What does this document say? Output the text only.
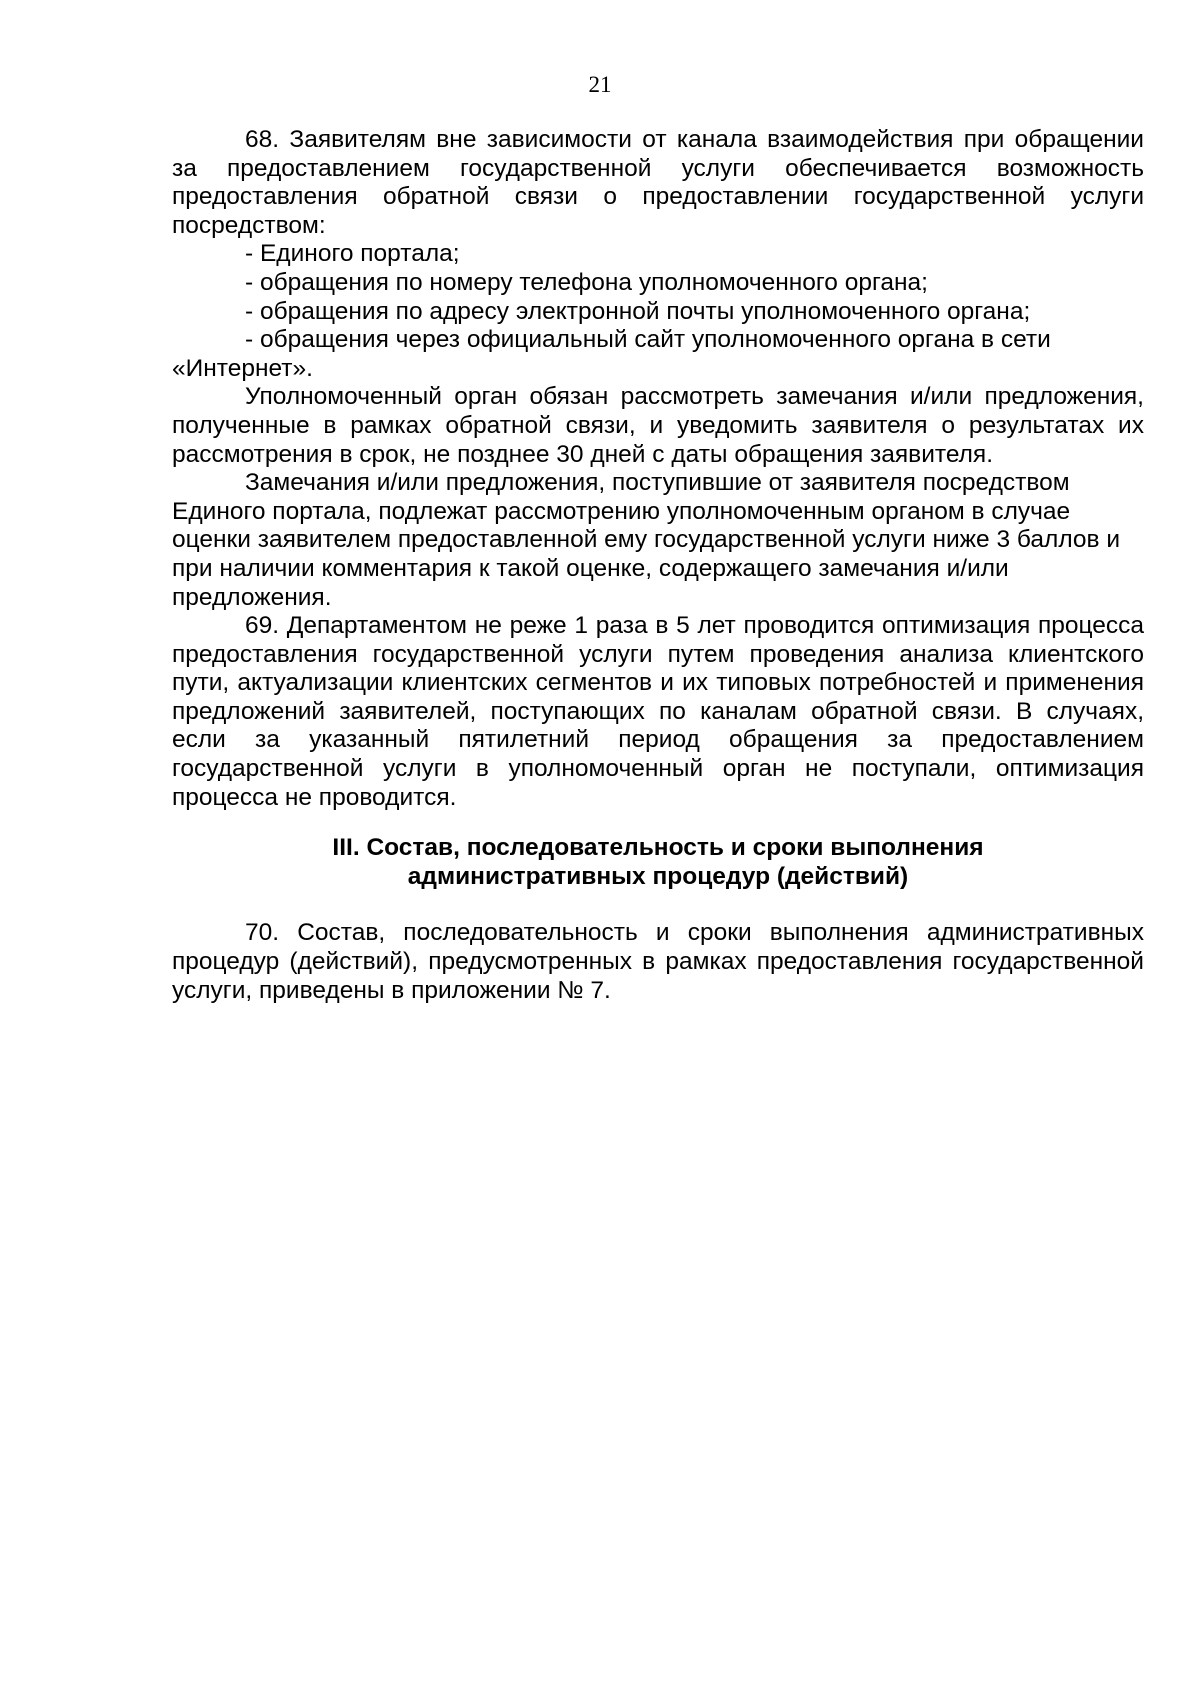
21

68. Заявителям вне зависимости от канала взаимодействия при обращении за предоставлением государственной услуги обеспечивается возможность предоставления обратной связи о предоставлении государственной услуги посредством:

- Единого портала;

- обращения по номеру телефона уполномоченного органа;

- обращения по адресу электронной почты уполномоченного органа;

- обращения через официальный сайт уполномоченного органа в сети «Интернет».

Уполномоченный орган обязан рассмотреть замечания и/или предложения, полученные в рамках обратной связи, и уведомить заявителя о результатах их рассмотрения в срок, не позднее 30 дней с даты обращения заявителя.

Замечания и/или предложения, поступившие от заявителя посредством Единого портала, подлежат рассмотрению уполномоченным органом в случае оценки заявителем предоставленной ему государственной услуги ниже 3 баллов и при наличии комментария к такой оценке, содержащего замечания и/или предложения.

69. Департаментом не реже 1 раза в 5 лет проводится оптимизация процесса предоставления государственной услуги путем проведения анализа клиентского пути, актуализации клиентских сегментов и их типовых потребностей и применения предложений заявителей, поступающих по каналам обратной связи. В случаях, если за указанный пятилетний период обращения за предоставлением государственной услуги в уполномоченный орган не поступали, оптимизация процесса не проводится.

III. Состав, последовательность и сроки выполнения
административных процедур (действий)

70. Состав, последовательность и сроки выполнения административных процедур (действий), предусмотренных в рамках предоставления государственной услуги, приведены в приложении № 7.
